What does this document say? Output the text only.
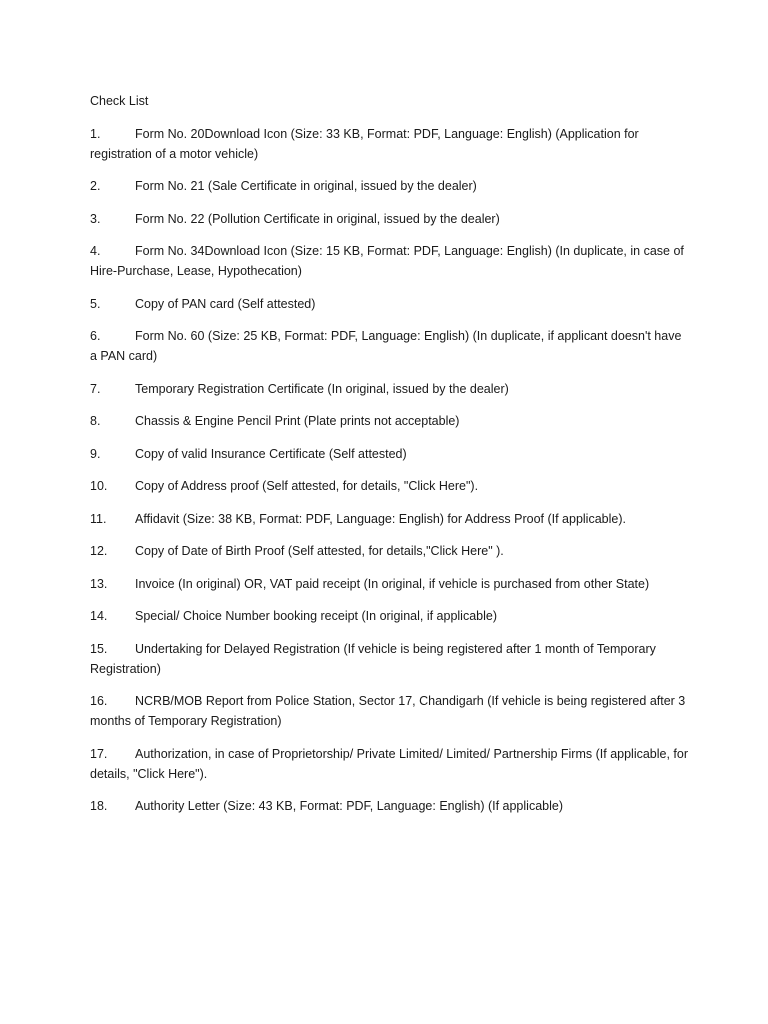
Check List

1.	Form No. 20Download Icon (Size: 33 KB, Format: PDF, Language: English) (Application for registration of a motor vehicle)
2.	Form No. 21 (Sale Certificate in original, issued by the dealer)
3.	Form No. 22 (Pollution Certificate in original, issued by the dealer)
4.	Form No. 34Download Icon (Size: 15 KB, Format: PDF, Language: English) (In duplicate, in case of Hire-Purchase, Lease, Hypothecation)
5.	Copy of PAN card (Self attested)
6.	Form No. 60 (Size: 25 KB, Format: PDF, Language: English) (In duplicate, if applicant doesn't have a PAN card)
7.	Temporary Registration Certificate (In original, issued by the dealer)
8.	Chassis & Engine Pencil Print (Plate prints not acceptable)
9.	Copy of valid Insurance Certificate (Self attested)
10. Copy of Address proof (Self attested, for details, "Click Here").
11. Affidavit (Size: 38 KB, Format: PDF, Language: English) for Address Proof (If applicable).
12. Copy of Date of Birth Proof (Self attested, for details,"Click Here" ).
13. Invoice (In original) OR, VAT paid receipt (In original, if vehicle is purchased from other State)
14. Special/ Choice Number booking receipt (In original, if applicable)
15. Undertaking for Delayed Registration (If vehicle is being registered after 1 month of Temporary Registration)
16. NCRB/MOB Report from Police Station, Sector 17, Chandigarh (If vehicle is being registered after 3 months of Temporary Registration)
17. Authorization, in case of Proprietorship/ Private Limited/ Limited/ Partnership Firms (If applicable, for details, "Click Here").
18. Authority Letter (Size: 43 KB, Format: PDF, Language: English) (If applicable)
